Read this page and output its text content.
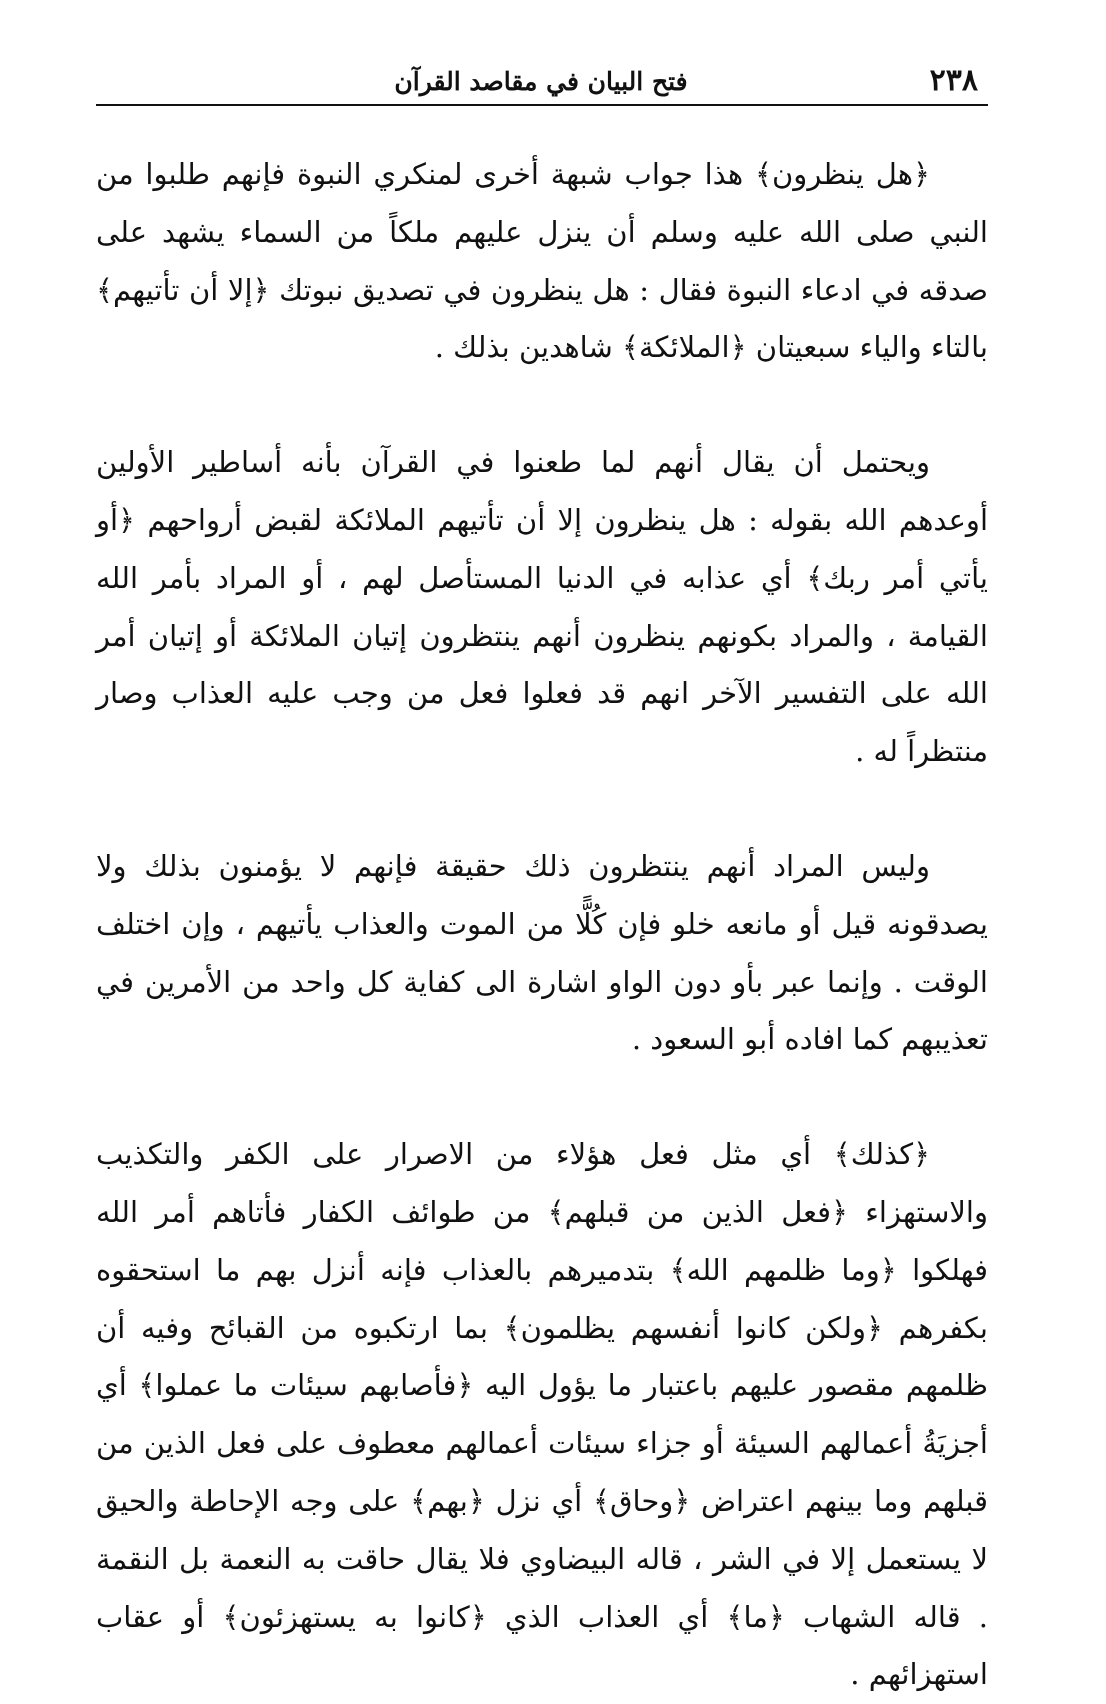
٢٣٨
فتح البيان في مقاصد القرآن

﴿هل ينظرون﴾ هذا جواب شبهة أخرى لمنكري النبوة فإنهم طلبوا من النبي صلى الله عليه وسلم أن ينزل عليهم ملكاً من السماء يشهد على صدقه في ادعاء النبوة فقال : هل ينظرون في تصديق نبوتك ﴿إلا أن تأتيهم﴾ بالتاء والياء سبعيتان ﴿الملائكة﴾ شاهدين بذلك .

ويحتمل أن يقال أنهم لما طعنوا في القرآن بأنه أساطير الأولين أوعدهم الله بقوله : هل ينظرون إلا أن تأتيهم الملائكة لقبض أرواحهم ﴿أو يأتي أمر ربك﴾ أي عذابه في الدنيا المستأصل لهم ، أو المراد بأمر الله القيامة ، والمراد بكونهم ينظرون أنهم ينتظرون إتيان الملائكة أو إتيان أمر الله على التفسير الآخر انهم قد فعلوا فعل من وجب عليه العذاب وصار منتظراً له .

وليس المراد أنهم ينتظرون ذلك حقيقة فإنهم لا يؤمنون بذلك ولا يصدقونه قيل أو مانعه خلو فإن كُلًّا من الموت والعذاب يأتيهم ، وإن اختلف الوقت . وإنما عبر بأو دون الواو اشارة الى كفاية كل واحد من الأمرين في تعذيبهم كما افاده أبو السعود .

﴿كذلك﴾ أي مثل فعل هؤلاء من الاصرار على الكفر والتكذيب والاستهزاء ﴿فعل الذين من قبلهم﴾ من طوائف الكفار فأتاهم أمر الله فهلكوا ﴿وما ظلمهم الله﴾ بتدميرهم بالعذاب فإنه أنزل بهم ما استحقوه بكفرهم ﴿ولكن كانوا أنفسهم يظلمون﴾ بما ارتكبوه من القبائح وفيه أن ظلمهم مقصور عليهم باعتبار ما يؤول اليه ﴿فأصابهم سيئات ما عملوا﴾ أي أجزيَةُ أعمالهم السيئة أو جزاء سيئات أعمالهم معطوف على فعل الذين من قبلهم وما بينهم اعتراض ﴿وحاق﴾ أي نزل ﴿بهم﴾ على وجه الإحاطة والحيق لا يستعمل إلا في الشر ، قاله البيضاوي فلا يقال حاقت به النعمة بل النقمة . قاله الشهاب ﴿ما﴾ أي العذاب الذي ﴿كانوا به يستهزئون﴾ أو عقاب استهزائهم .
